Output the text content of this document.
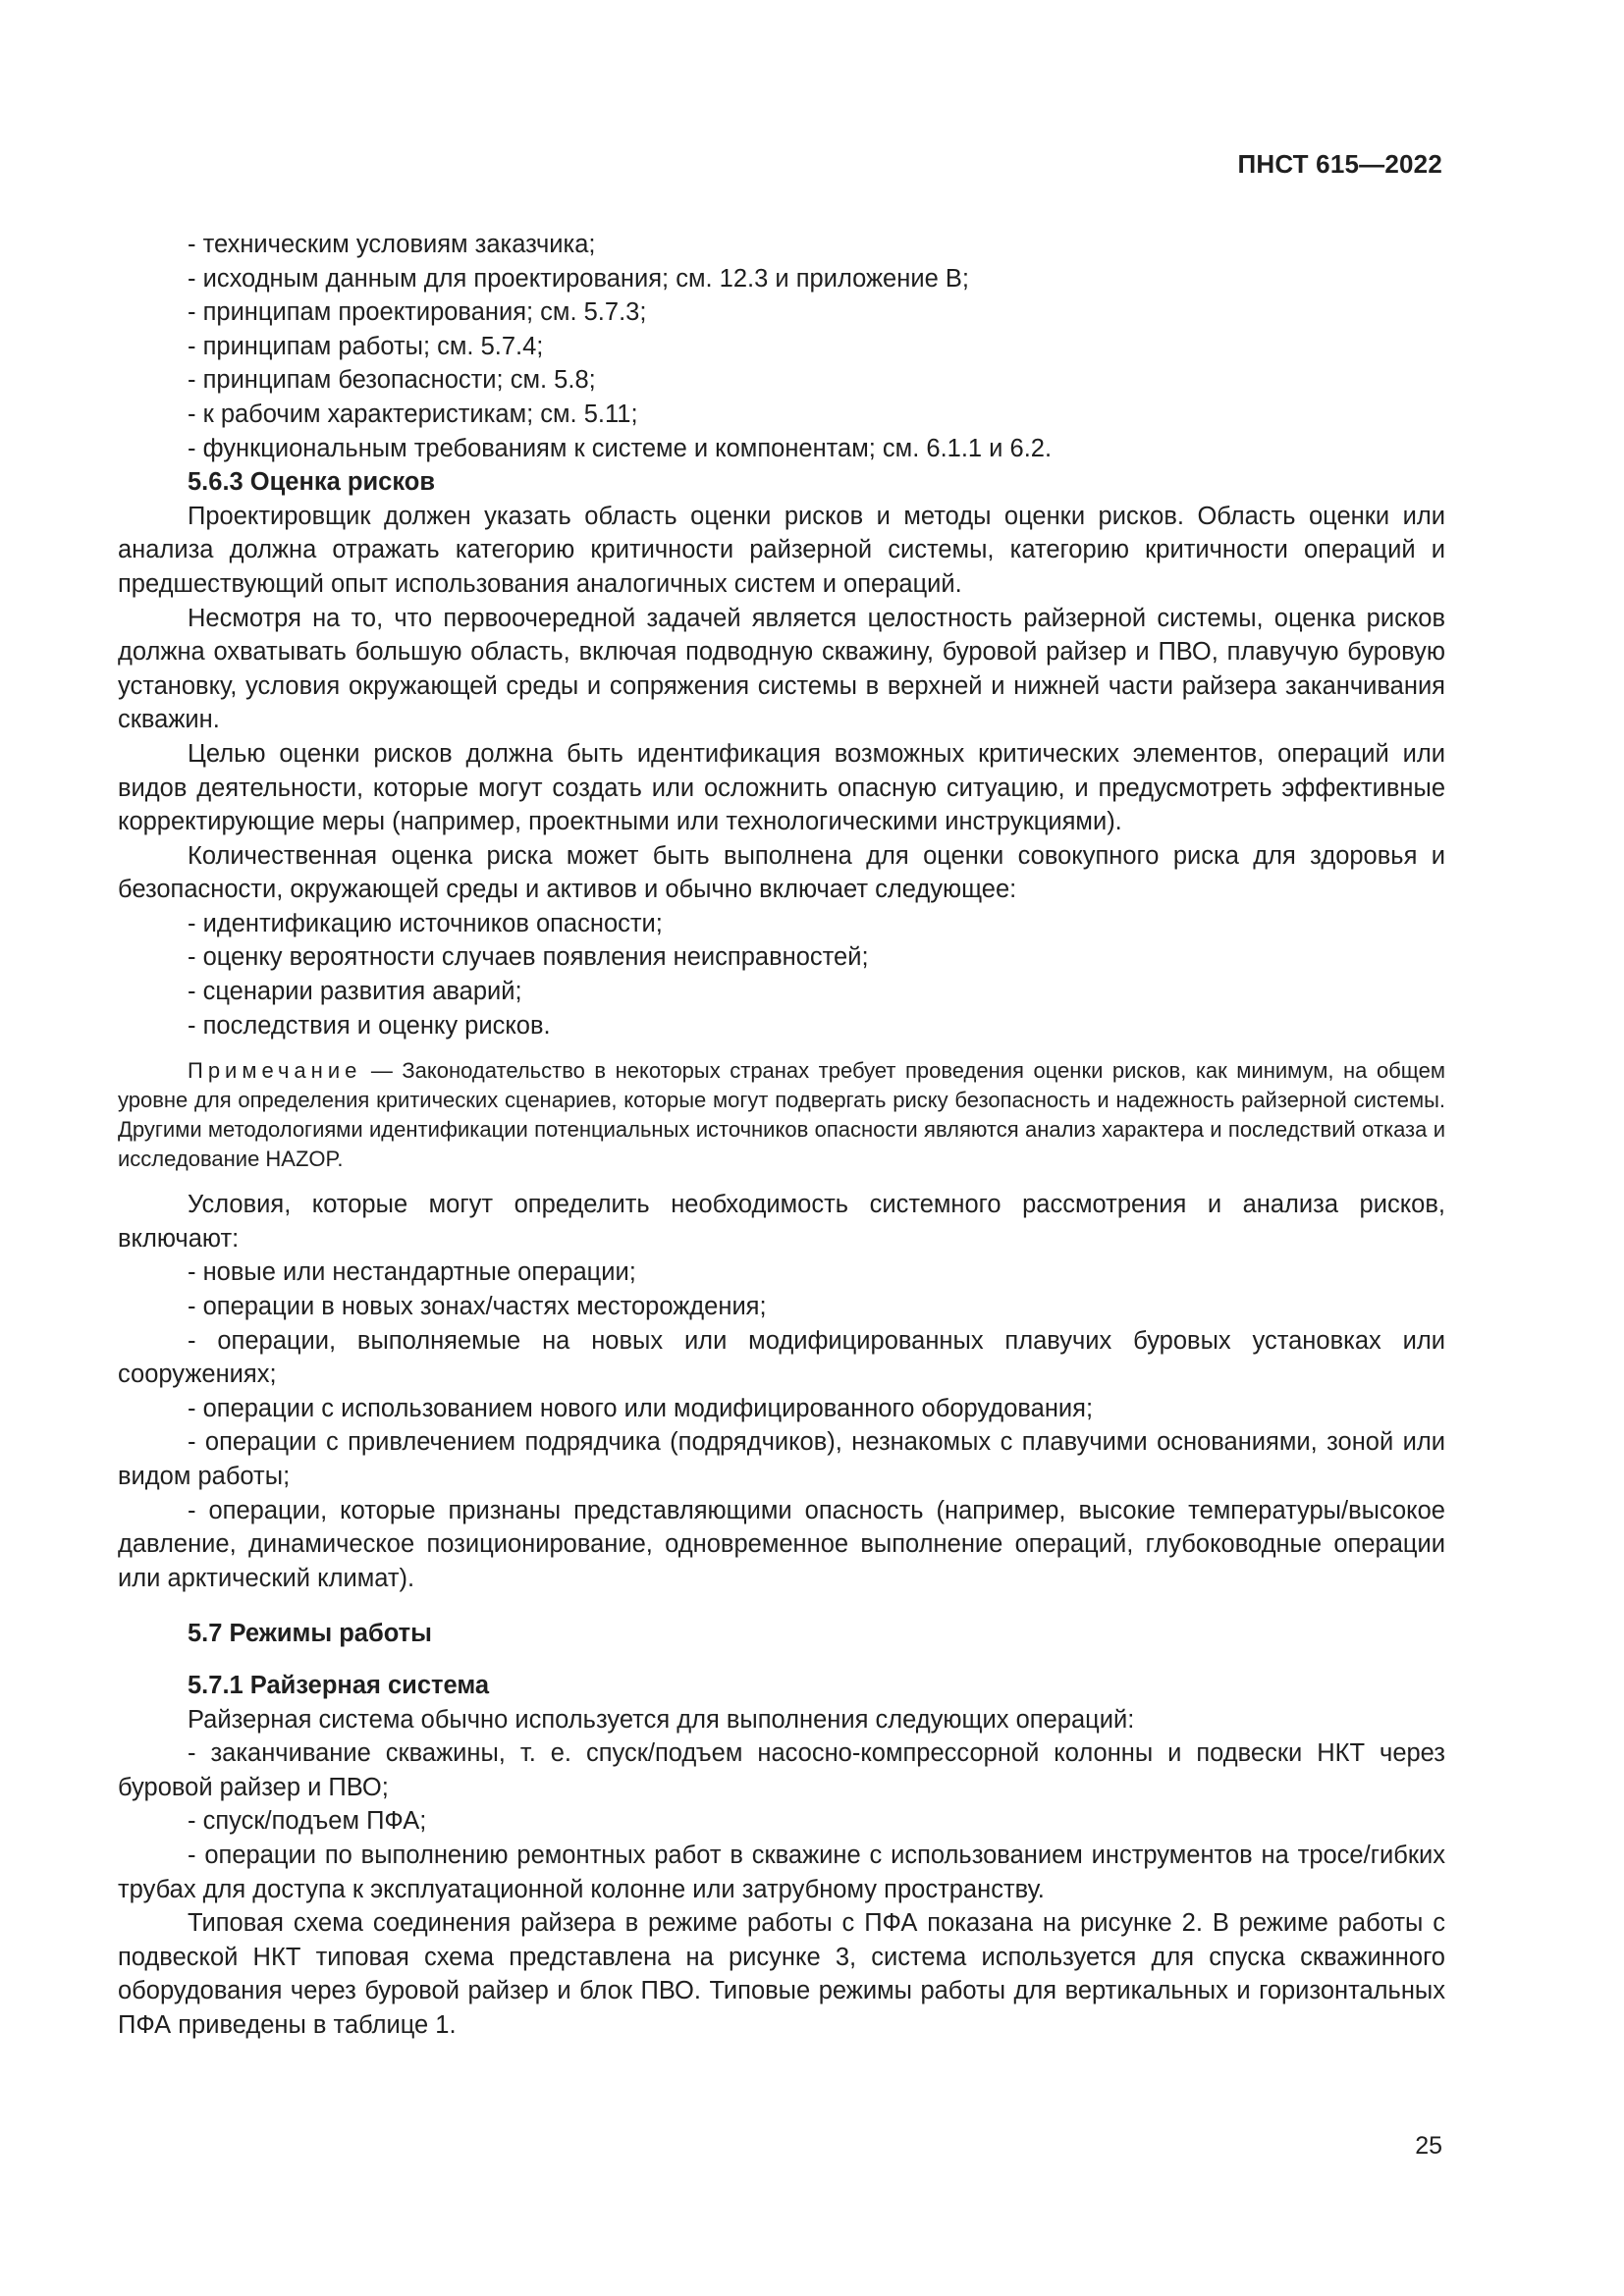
ПНСТ 615—2022

- техническим условиям заказчика;

- исходным данным для проектирования; см. 12.3 и приложение В;

- принципам проектирования; см. 5.7.3;

- принципам работы; см. 5.7.4;

- принципам безопасности; см. 5.8;

- к рабочим характеристикам; см. 5.11;

- функциональным требованиям к системе и компонентам; см. 6.1.1 и 6.2.

5.6.3 Оценка рисков

Проектировщик должен указать область оценки рисков и методы оценки рисков. Область оценки или анализа должна отражать категорию критичности райзерной системы, категорию критичности операций и предшествующий опыт использования аналогичных систем и операций.

Несмотря на то, что первоочередной задачей является целостность райзерной системы, оценка рисков должна охватывать большую область, включая подводную скважину, буровой райзер и ПВО, плавучую буровую установку, условия окружающей среды и сопряжения системы в верхней и нижней части райзера заканчивания скважин.

Целью оценки рисков должна быть идентификация возможных критических элементов, операций или видов деятельности, которые могут создать или осложнить опасную ситуацию, и предусмотреть эффективные корректирующие меры (например, проектными или технологическими инструкциями).

Количественная оценка риска может быть выполнена для оценки совокупного риска для здоровья и безопасности, окружающей среды и активов и обычно включает следующее:

- идентификацию источников опасности;

- оценку вероятности случаев появления неисправностей;

- сценарии развития аварий;

- последствия и оценку рисков.

Примечание — Законодательство в некоторых странах требует проведения оценки рисков, как минимум, на общем уровне для определения критических сценариев, которые могут подвергать риску безопасность и надежность райзерной системы. Другими методологиями идентификации потенциальных источников опасности являются анализ характера и последствий отказа и исследование HAZOP.

Условия, которые могут определить необходимость системного рассмотрения и анализа рисков, включают:

- новые или нестандартные операции;

- операции в новых зонах/частях месторождения;

- операции, выполняемые на новых или модифицированных плавучих буровых установках или сооружениях;

- операции с использованием нового или модифицированного оборудования;

- операции с привлечением подрядчика (подрядчиков), незнакомых с плавучими основаниями, зоной или видом работы;

- операции, которые признаны представляющими опасность (например, высокие температуры/высокое давление, динамическое позиционирование, одновременное выполнение операций, глубоководные операции или арктический климат).

5.7 Режимы работы

5.7.1 Райзерная система

Райзерная система обычно используется для выполнения следующих операций:

- заканчивание скважины, т. е. спуск/подъем насосно-компрессорной колонны и подвески НКТ через буровой райзер и ПВО;

- спуск/подъем ПФА;

- операции по выполнению ремонтных работ в скважине с использованием инструментов на тросе/гибких трубах для доступа к эксплуатационной колонне или затрубному пространству.

Типовая схема соединения райзера в режиме работы с ПФА показана на рисунке 2. В режиме работы с подвеской НКТ типовая схема представлена на рисунке 3, система используется для спуска скважинного оборудования через буровой райзер и блок ПВО. Типовые режимы работы для вертикальных и горизонтальных ПФА приведены в таблице 1.

25
